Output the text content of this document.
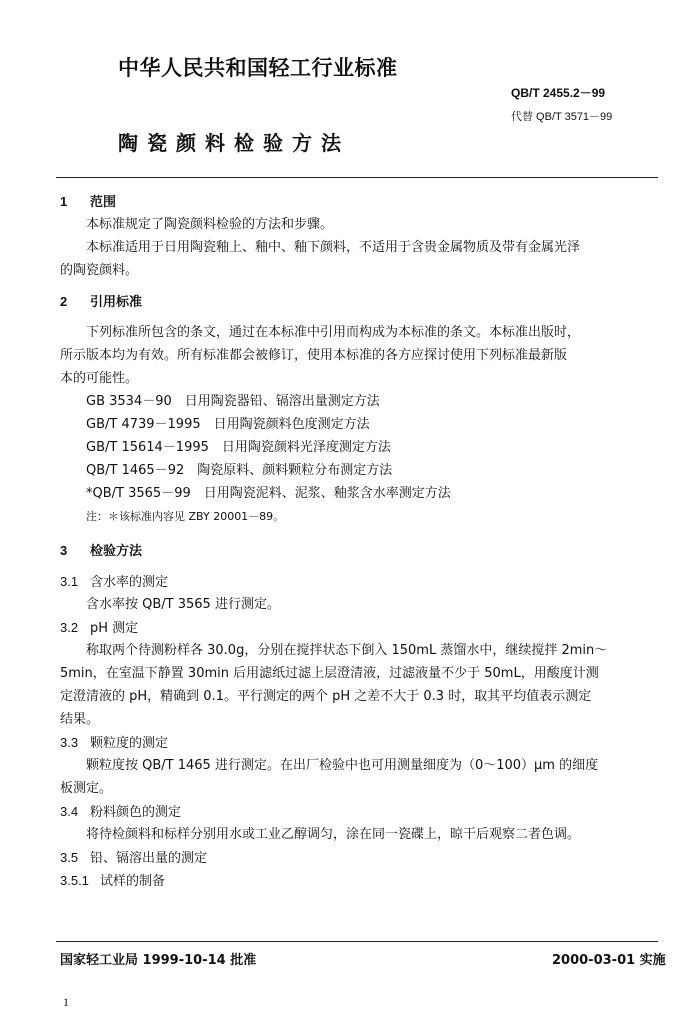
中华人民共和国轻工行业标准
QB/T 2455.2－99
代替 QB/T 3571－99
陶瓷颜料检验方法
1 范围
本标准规定了陶瓷颜料检验的方法和步骤。
本标准适用于日用陶瓷釉上、釉中、釉下颜料，不适用于含贵金属物质及带有金属光泽
的陶瓷颜料。
2 引用标准
下列标准所包含的条文，通过在本标准中引用而构成为本标准的条文。本标准出版时，
所示版本均为有效。所有标准都会被修订，使用本标准的各方应探讨使用下列标准最新版
本的可能性。
GB 3534－90　日用陶瓷器铅、镉溶出量测定方法
GB/T 4739－1995　日用陶瓷颜料色度测定方法
GB/T 15614－1995　日用陶瓷颜料光泽度测定方法
QB/T 1465－92　陶瓷原料、颜料颗粒分布测定方法
*QB/T 3565－99　日用陶瓷泥料、泥浆、釉浆含水率测定方法
注：＊该标准内容见 ZBY 20001－89。
3 检验方法
3.1 含水率的测定
含水率按 QB/T 3565 进行测定。
3.2 pH 测定
称取两个待测粉样各 30.0g，分别在搅拌状态下倒入 150mL 蒸馏水中，继续搅拌 2min～
5min，在室温下静置 30min 后用滤纸过滤上层澄清液，过滤液量不少于 50mL，用酸度计测
定澄清液的 pH，精确到 0.1。平行测定的两个 pH 之差不大于 0.3 时，取其平均值表示测定
结果。
3.3 颗粒度的测定
颗粒度按 QB/T 1465 进行测定。在出厂检验中也可用测量细度为（0～100）μm 的细度
板测定。
3.4 粉料颜色的测定
将待检颜料和标样分别用水或工业乙醇调匀，涂在同一瓷碟上，晾干后观察二者色调。
3.5 铅、镉溶出量的测定
3.5.1 试样的制备
国家轻工业局 1999-10-14 批准	2000-03-01 实施
1
